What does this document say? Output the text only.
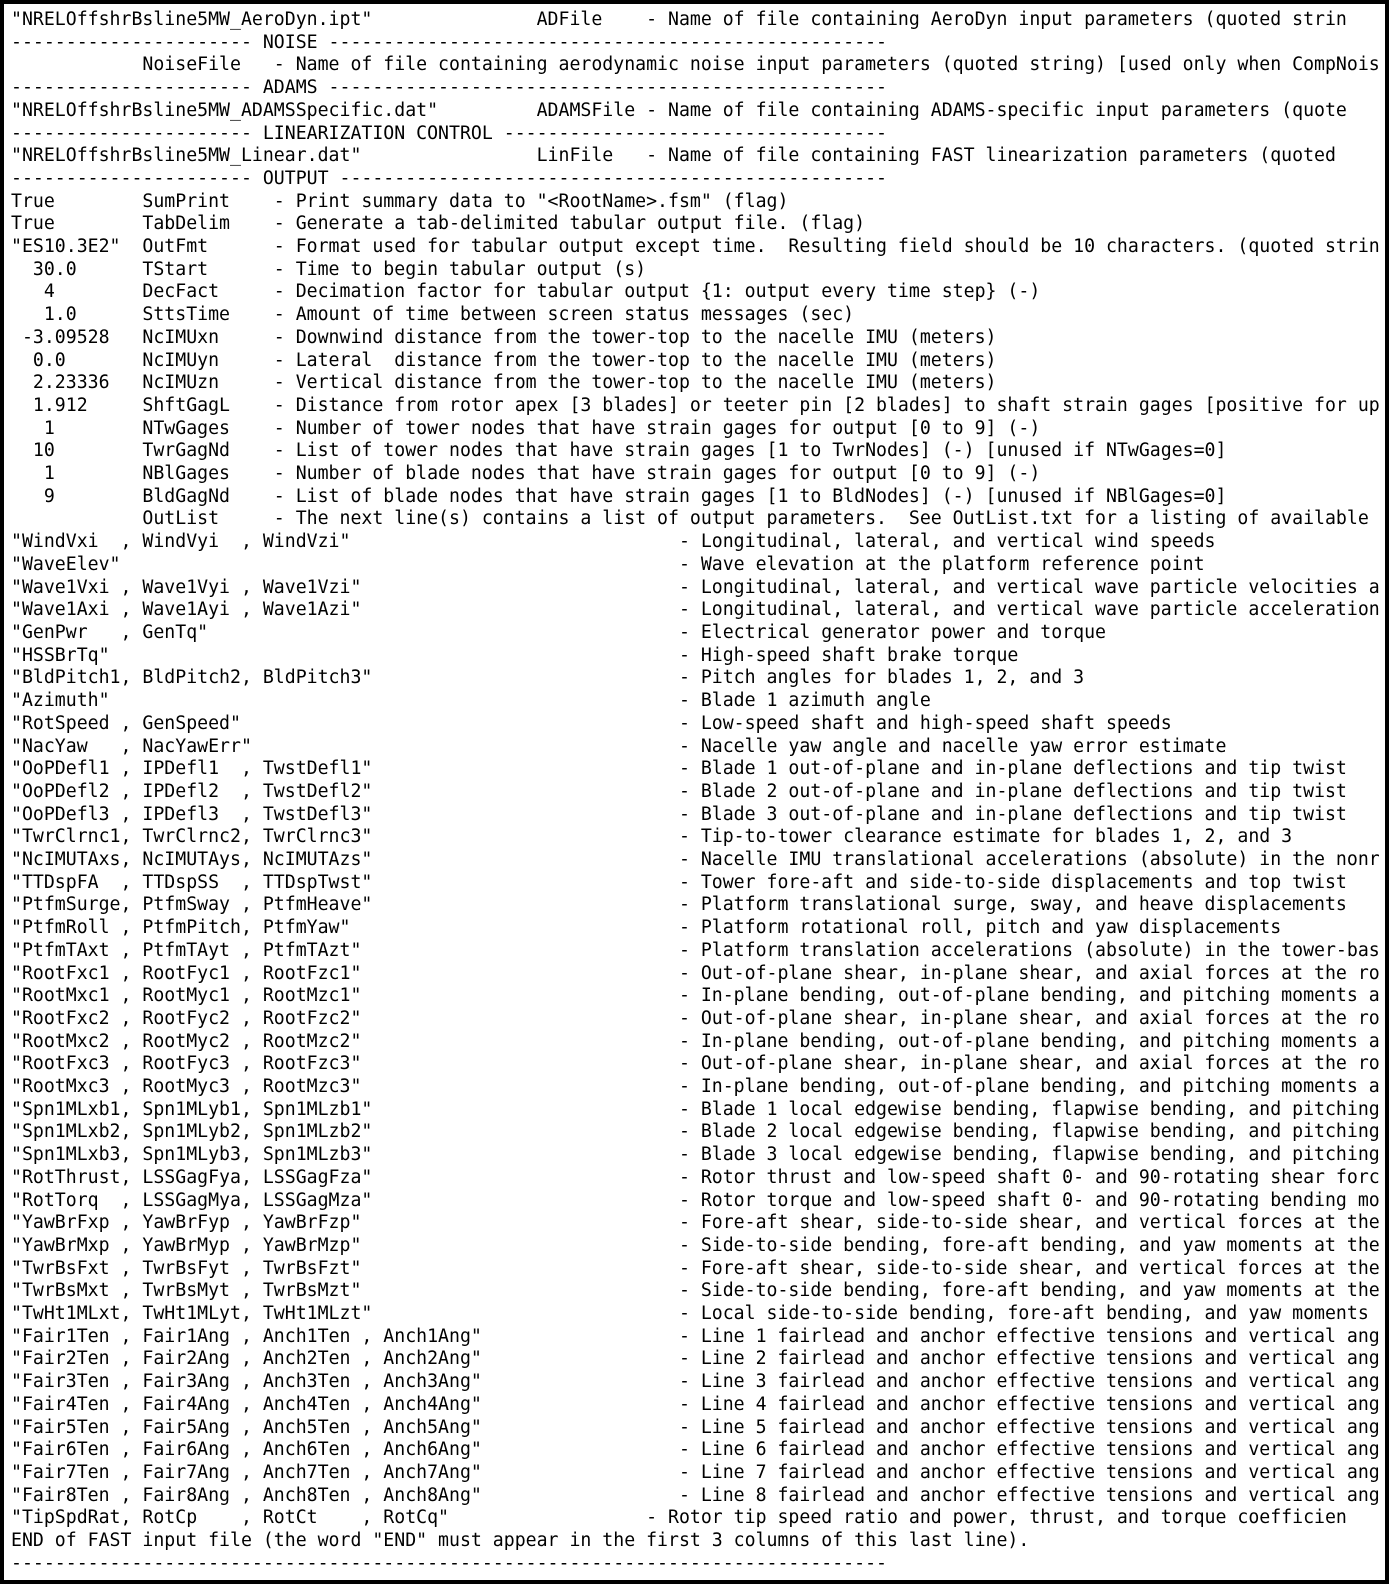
"NRELOffshrBsline5MW_AeroDyn.ipt"               ADFile    - Name of file containing AeroDyn input parameters (quoted strin
---------------------- NOISE ---------------------------------------------------
NoiseFile   - Name of file containing aerodynamic noise input parameters (quoted string) [used only when CompNois
---------------------- ADAMS ---------------------------------------------------
"NRELOffshrBsline5MW_ADAMSSpecific.dat"         ADAMSFile - Name of file containing ADAMS-specific input parameters (quote
---------------------- LINEARIZATION CONTROL -----------------------------------
"NRELOffshrBsline5MW_Linear.dat"                LinFile   - Name of file containing FAST linearization parameters (quoted
---------------------- OUTPUT --------------------------------------------------
True        SumPrint    - Print summary data to "<RootName>.fsm" (flag)
True        TabDelim    - Generate a tab-delimited tabular output file. (flag)
"ES10.3E2"  OutFmt      - Format used for tabular output except time.  Resulting field should be 10 characters. (quoted strin
30.0      TStart      - Time to begin tabular output (s)
4        DecFact     - Decimation factor for tabular output {1: output every time step} (-)
1.0      SttsTime    - Amount of time between screen status messages (sec)
-3.09528   NcIMUxn     - Downwind distance from the tower-top to the nacelle IMU (meters)
0.0       NcIMUyn     - Lateral  distance from the tower-top to the nacelle IMU (meters)
2.23336   NcIMUzn     - Vertical distance from the tower-top to the nacelle IMU (meters)
1.912     ShftGagL    - Distance from rotor apex [3 blades] or teeter pin [2 blades] to shaft strain gages [positive for up
1        NTwGages    - Number of tower nodes that have strain gages for output [0 to 9] (-)
10        TwrGagNd    - List of tower nodes that have strain gages [1 to TwrNodes] (-) [unused if NTwGages=0]
1        NBlGages    - Number of blade nodes that have strain gages for output [0 to 9] (-)
9        BldGagNd    - List of blade nodes that have strain gages [1 to BldNodes] (-) [unused if NBlGages=0]
OutList     - The next line(s) contains a list of output parameters.  See OutList.txt for a listing of available
"WindVxi  , WindVyi  , WindVzi"                              - Longitudinal, lateral, and vertical wind speeds
"WaveElev"                                                   - Wave elevation at the platform reference point
"Wave1Vxi , Wave1Vyi , Wave1Vzi"                             - Longitudinal, lateral, and vertical wave particle velocities a
"Wave1Axi , Wave1Ayi , Wave1Azi"                             - Longitudinal, lateral, and vertical wave particle acceleration
"GenPwr   , GenTq"                                           - Electrical generator power and torque
"HSSBrTq"                                                    - High-speed shaft brake torque
"BldPitch1, BldPitch2, BldPitch3"                            - Pitch angles for blades 1, 2, and 3
"Azimuth"                                                    - Blade 1 azimuth angle
"RotSpeed , GenSpeed"                                        - Low-speed shaft and high-speed shaft speeds
"NacYaw   , NacYawErr"                                       - Nacelle yaw angle and nacelle yaw error estimate
"OoPDefl1 , IPDefl1  , TwstDefl1"                            - Blade 1 out-of-plane and in-plane deflections and tip twist
"OoPDefl2 , IPDefl2  , TwstDefl2"                            - Blade 2 out-of-plane and in-plane deflections and tip twist
"OoPDefl3 , IPDefl3  , TwstDefl3"                            - Blade 3 out-of-plane and in-plane deflections and tip twist
"TwrClrnc1, TwrClrnc2, TwrClrnc3"                            - Tip-to-tower clearance estimate for blades 1, 2, and 3
"NcIMUTAxs, NcIMUTAys, NcIMUTAzs"                            - Nacelle IMU translational accelerations (absolute) in the nonr
"TTDspFA  , TTDspSS  , TTDspTwst"                            - Tower fore-aft and side-to-side displacements and top twist
"PtfmSurge, PtfmSway , PtfmHeave"                            - Platform translational surge, sway, and heave displacements
"PtfmRoll , PtfmPitch, PtfmYaw"                              - Platform rotational roll, pitch and yaw displacements
"PtfmTAxt , PtfmTAyt , PtfmTAzt"                             - Platform translation accelerations (absolute) in the tower-bas
"RootFxc1 , RootFyc1 , RootFzc1"                             - Out-of-plane shear, in-plane shear, and axial forces at the ro
"RootMxc1 , RootMyc1 , RootMzc1"                             - In-plane bending, out-of-plane bending, and pitching moments a
"RootFxc2 , RootFyc2 , RootFzc2"                             - Out-of-plane shear, in-plane shear, and axial forces at the ro
"RootMxc2 , RootMyc2 , RootMzc2"                             - In-plane bending, out-of-plane bending, and pitching moments a
"RootFxc3 , RootFyc3 , RootFzc3"                             - Out-of-plane shear, in-plane shear, and axial forces at the ro
"RootMxc3 , RootMyc3 , RootMzc3"                             - In-plane bending, out-of-plane bending, and pitching moments a
"Spn1MLxb1, Spn1MLyb1, Spn1MLzb1"                            - Blade 1 local edgewise bending, flapwise bending, and pitching
"Spn1MLxb2, Spn1MLyb2, Spn1MLzb2"                            - Blade 2 local edgewise bending, flapwise bending, and pitching
"Spn1MLxb3, Spn1MLyb3, Spn1MLzb3"                            - Blade 3 local edgewise bending, flapwise bending, and pitching
"RotThrust, LSSGagFya, LSSGagFza"                            - Rotor thrust and low-speed shaft 0- and 90-rotating shear forc
"RotTorq  , LSSGagMya, LSSGagMza"                            - Rotor torque and low-speed shaft 0- and 90-rotating bending mo
"YawBrFxp , YawBrFyp , YawBrFzp"                             - Fore-aft shear, side-to-side shear, and vertical forces at the
"YawBrMxp , YawBrMyp , YawBrMzp"                             - Side-to-side bending, fore-aft bending, and yaw moments at the
"TwrBsFxt , TwrBsFyt , TwrBsFzt"                             - Fore-aft shear, side-to-side shear, and vertical forces at the
"TwrBsMxt , TwrBsMyt , TwrBsMzt"                             - Side-to-side bending, fore-aft bending, and yaw moments at the
"TwHt1MLxt, TwHt1MLyt, TwHt1MLzt"                            - Local side-to-side bending, fore-aft bending, and yaw moments
"Fair1Ten , Fair1Ang , Anch1Ten , Anch1Ang"                  - Line 1 fairlead and anchor effective tensions and vertical ang
"Fair2Ten , Fair2Ang , Anch2Ten , Anch2Ang"                  - Line 2 fairlead and anchor effective tensions and vertical ang
"Fair3Ten , Fair3Ang , Anch3Ten , Anch3Ang"                  - Line 3 fairlead and anchor effective tensions and vertical ang
"Fair4Ten , Fair4Ang , Anch4Ten , Anch4Ang"                  - Line 4 fairlead and anchor effective tensions and vertical ang
"Fair5Ten , Fair5Ang , Anch5Ten , Anch5Ang"                  - Line 5 fairlead and anchor effective tensions and vertical ang
"Fair6Ten , Fair6Ang , Anch6Ten , Anch6Ang"                  - Line 6 fairlead and anchor effective tensions and vertical ang
"Fair7Ten , Fair7Ang , Anch7Ten , Anch7Ang"                  - Line 7 fairlead and anchor effective tensions and vertical ang
"Fair8Ten , Fair8Ang , Anch8Ten , Anch8Ang"                  - Line 8 fairlead and anchor effective tensions and vertical ang
"TipSpdRat, RotCp    , RotCt    , RotCq"                  - Rotor tip speed ratio and power, thrust, and torque coefficien
END of FAST input file (the word "END" must appear in the first 3 columns of this last line).
--------------------------------------------------------------------------------
